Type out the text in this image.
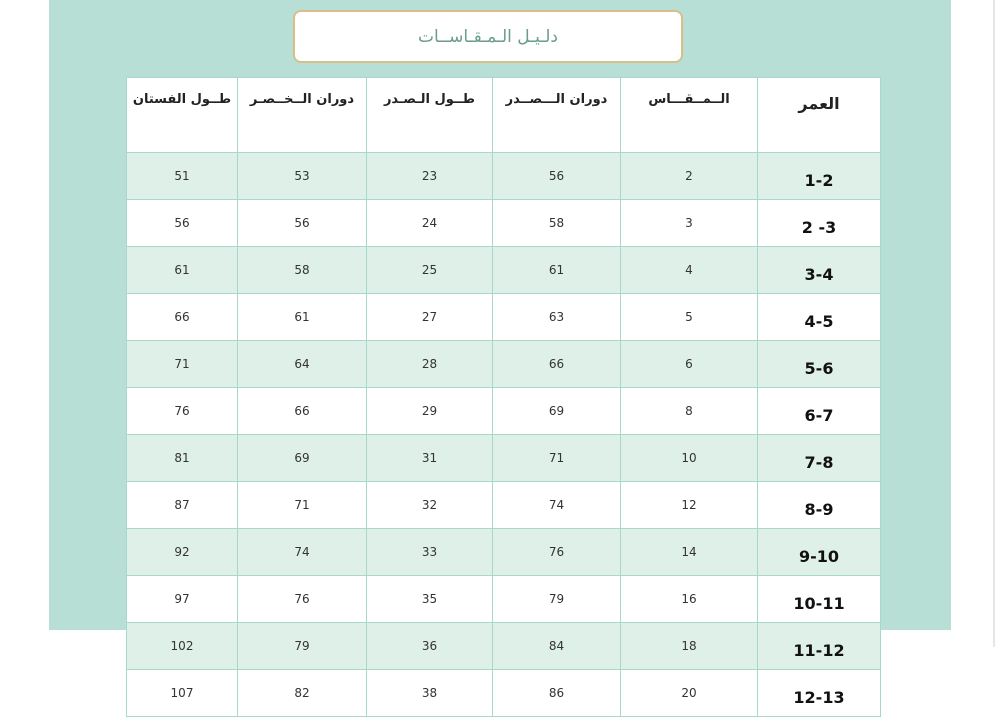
دلـيـل الـمـقـاســات
طــول الفستان	دوران الــخــصـر	طــول الـصـدر	دوران الـــصــدر	الــمــقـــاس	العمر
51	53	23	56	2	1-2
56	56	24	58	3	2 -3
61	58	25	61	4	3-4
66	61	27	63	5	4-5
71	64	28	66	6	5-6
76	66	29	69	8	6-7
81	69	31	71	10	7-8
87	71	32	74	12	8-9
92	74	33	76	14	9-10
97	76	35	79	16	10-11
102	79	36	84	18	11-12
107	82	38	86	20	12-13
